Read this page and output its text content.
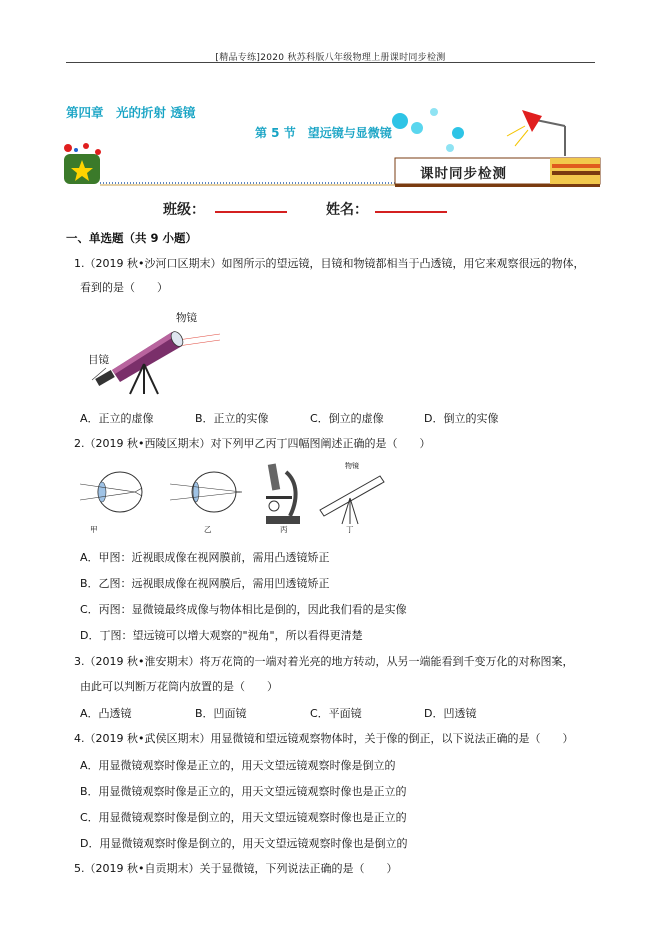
[精品专练]2020 秋苏科版八年级物理上册课时同步检测
第四章　光的折射 透镜
第 5 节　望远镜与显微镜
课时同步检测
班级：	姓名：
一、单选题（共 9 小题）
1.（2019 秋•沙河口区期末）如图所示的望远镜，目镜和物镜都相当于凸透镜，用它来观察很远的物体，
看到的是（　　）
物镜
目镜
A．正立的虚像	B．正立的实像	C．倒立的虚像	D．倒立的实像
2.（2019 秋•西陵区期末）对下列甲乙丙丁四幅图阐述正确的是（　　）
物镜
甲	乙	丙	丁
A．甲图：近视眼成像在视网膜前，需用凸透镜矫正
B．乙图：远视眼成像在视网膜后，需用凹透镜矫正
C．丙图：显微镜最终成像与物体相比是倒的，因此我们看的是实像
D．丁图：望远镜可以增大观察的"视角"，所以看得更清楚
3.（2019 秋•淮安期末）将万花筒的一端对着光亮的地方转动，从另一端能看到千变万化的对称图案，
由此可以判断万花筒内放置的是（　　）
A．凸透镜	B．凹面镜	C．平面镜	D．凹透镜
4.（2019 秋•武侯区期末）用显微镜和望远镜观察物体时，关于像的倒正，以下说法正确的是（　　）
A．用显微镜观察时像是正立的，用天文望远镜观察时像是倒立的
B．用显微镜观察时像是正立的，用天文望远镜观察时像也是正立的
C．用显微镜观察时像是倒立的，用天文望远镜观察时像也是正立的
D．用显微镜观察时像是倒立的，用天文望远镜观察时像也是倒立的
5.（2019 秋•自贡期末）关于显微镜，下列说法正确的是（　　）
